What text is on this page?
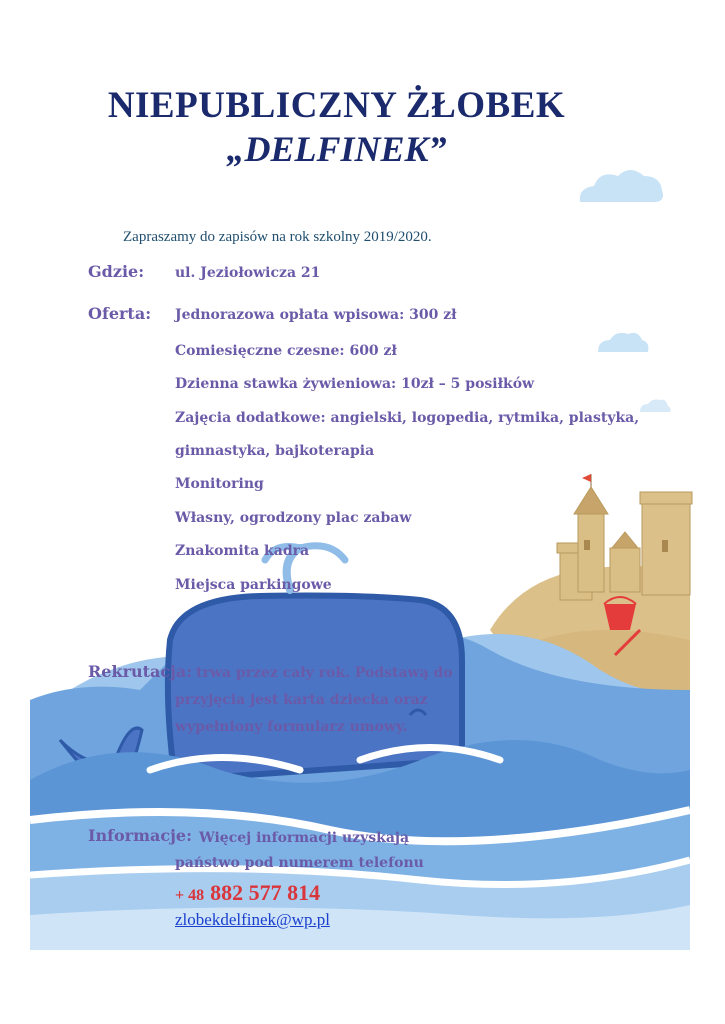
NIEPUBLICZNY ŻŁOBEK
„DELFINEK”
Zapraszamy do zapisów na rok szkolny 2019/2020.
Gdzie: ul. Jeziołowicza 21
Oferta: Jednorazowa opłata wpisowa: 300 zł
Comiesięczne czesne: 600 zł
Dzienna stawka żywieniowa: 10zł – 5 posiłków
Zajęcia dodatkowe: angielski, logopedia, rytmika, plastyka,
gimnastyka, bajkoterapia
Monitoring
Własny, ogrodzony plac zabaw
Znakomita kadra
Miejsca parkingowe
Rekrutacja: trwa przez cały rok. Podstawą do
przyjęcia jest karta dziecka oraz
wypełniony formularz umowy.
Informacje: Więcej informacji uzyskają
państwo pod numerem telefonu
+ 48 882 577 814
zlobekdelfinek@wp.pl
